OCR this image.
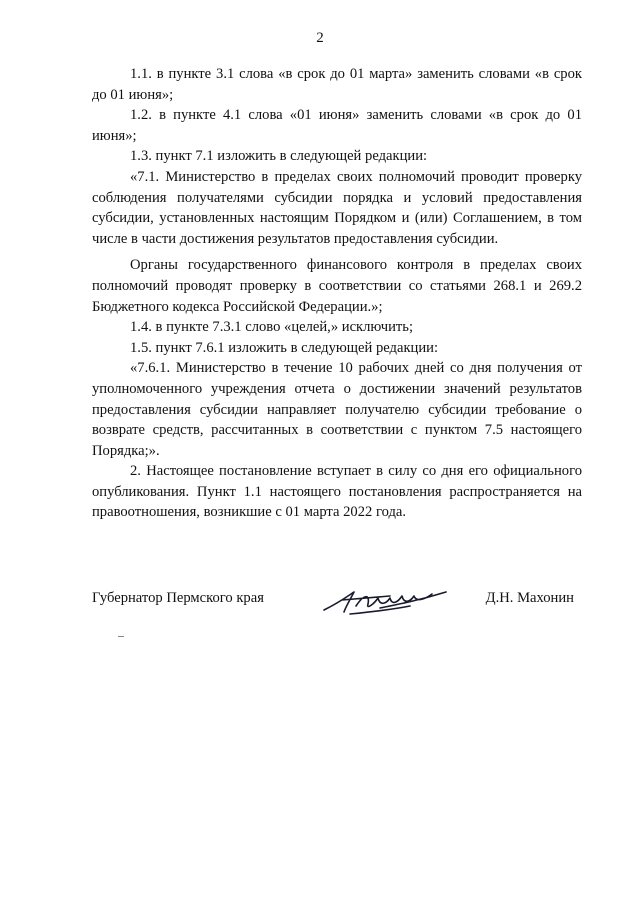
2

1.1. в пункте 3.1 слова «в срок до 01 марта» заменить словами «в срок до 01 июня»;

1.2. в пункте 4.1 слова «01 июня» заменить словами «в срок до 01 июня»;

1.3. пункт 7.1 изложить в следующей редакции:

«7.1. Министерство в пределах своих полномочий проводит проверку соблюдения получателями субсидии порядка и условий предоставления субсидии, установленных настоящим Порядком и (или) Соглашением, в том числе в части достижения результатов предоставления субсидии.

Органы государственного финансового контроля в пределах своих полномочий проводят проверку в соответствии со статьями 268.1 и 269.2 Бюджетного кодекса Российской Федерации.»;

1.4. в пункте 7.3.1 слово «целей,» исключить;

1.5. пункт 7.6.1 изложить в следующей редакции:

«7.6.1. Министерство в течение 10 рабочих дней со дня получения от уполномоченного учреждения отчета о достижении значений результатов предоставления субсидии направляет получателю субсидии требование о возврате средств, рассчитанных в соответствии с пунктом 7.5 настоящего Порядка;».

2. Настоящее постановление вступает в силу со дня его официального опубликования. Пункт 1.1 настоящего постановления распространяется на правоотношения, возникшие с 01 марта 2022 года.

Губернатор Пермского края	Д.Н. Махонин
